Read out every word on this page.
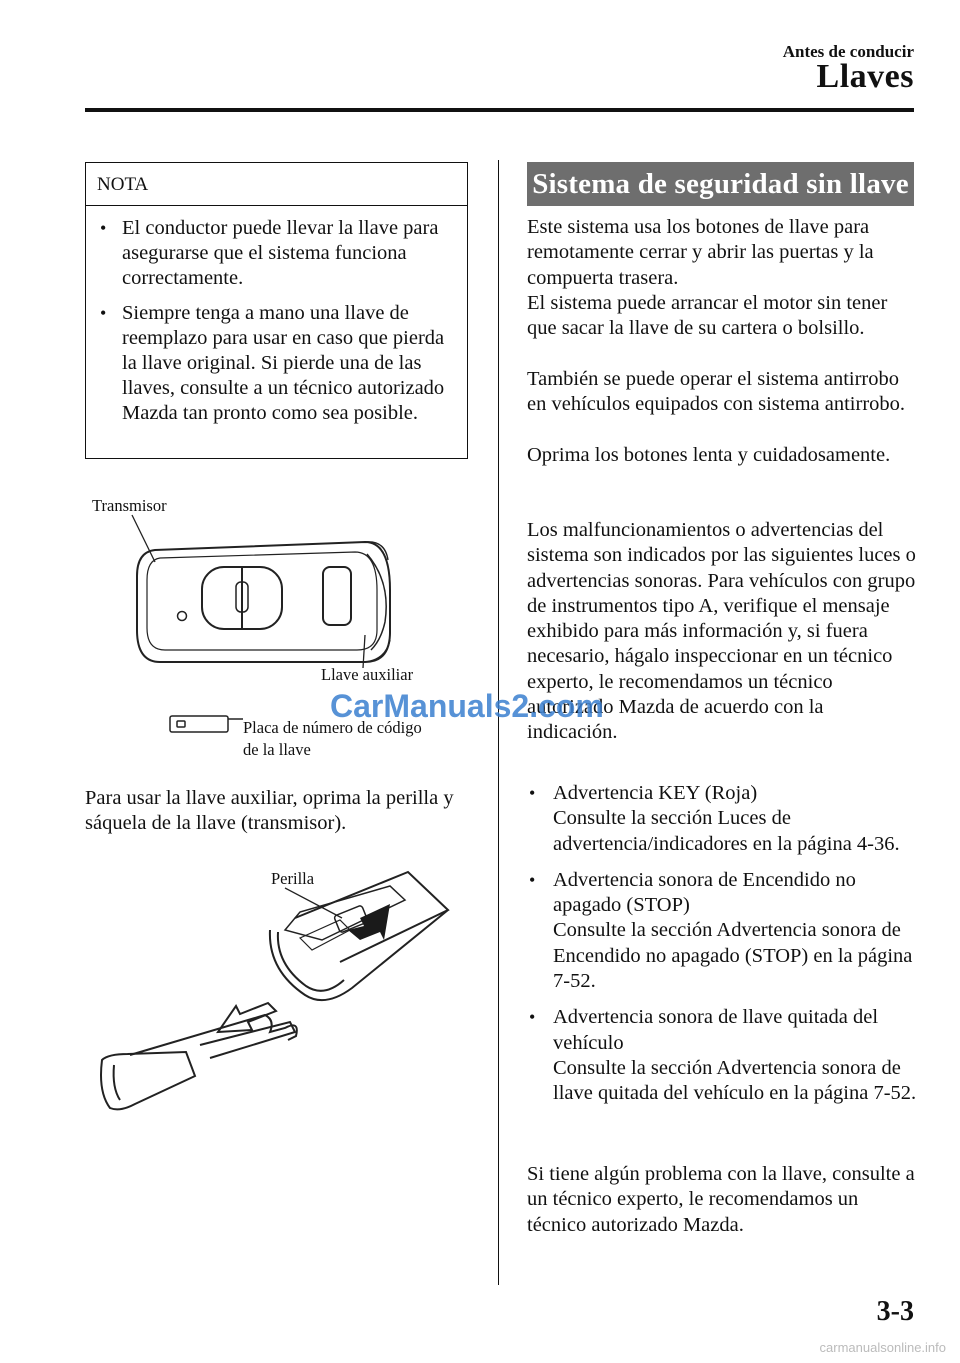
Antes de conducir
Llaves
NOTA
• El conductor puede llevar la llave para asegurarse que el sistema funciona correctamente.
• Siempre tenga a mano una llave de reemplazo para usar en caso que pierda la llave original. Si pierde una de las llaves, consulte a un técnico autorizado Mazda tan pronto como sea posible.
Transmisor
Llave auxiliar
Placa de número de código
de la llave
Para usar la llave auxiliar, oprima la perilla y sáquela de la llave (transmisor).
Perilla
Sistema de seguridad sin llave
Este sistema usa los botones de llave para remotamente cerrar y abrir las puertas y la compuerta trasera.
El sistema puede arrancar el motor sin tener que sacar la llave de su cartera o bolsillo.
También se puede operar el sistema antirrobo en vehículos equipados con sistema antirrobo.
Oprima los botones lenta y cuidadosamente.
Los malfuncionamientos o advertencias del sistema son indicados por las siguientes luces o advertencias sonoras. Para vehículos con grupo de instrumentos tipo A, verifique el mensaje exhibido para más información y, si fuera necesario, hágalo inspeccionar en un técnico experto, le recomendamos un técnico autorizado Mazda de acuerdo con la indicación.
• Advertencia KEY (Roja)
Consulte la sección Luces de advertencia/indicadores en la página 4-36.
• Advertencia sonora de Encendido no apagado (STOP)
Consulte la sección Advertencia sonora de Encendido no apagado (STOP) en la página 7-52.
• Advertencia sonora de llave quitada del vehículo
Consulte la sección Advertencia sonora de llave quitada del vehículo en la página 7-52.
Si tiene algún problema con la llave, consulte a un técnico experto, le recomendamos un técnico autorizado Mazda.
CarManuals2.com
3-3
carmanualsonline.info
